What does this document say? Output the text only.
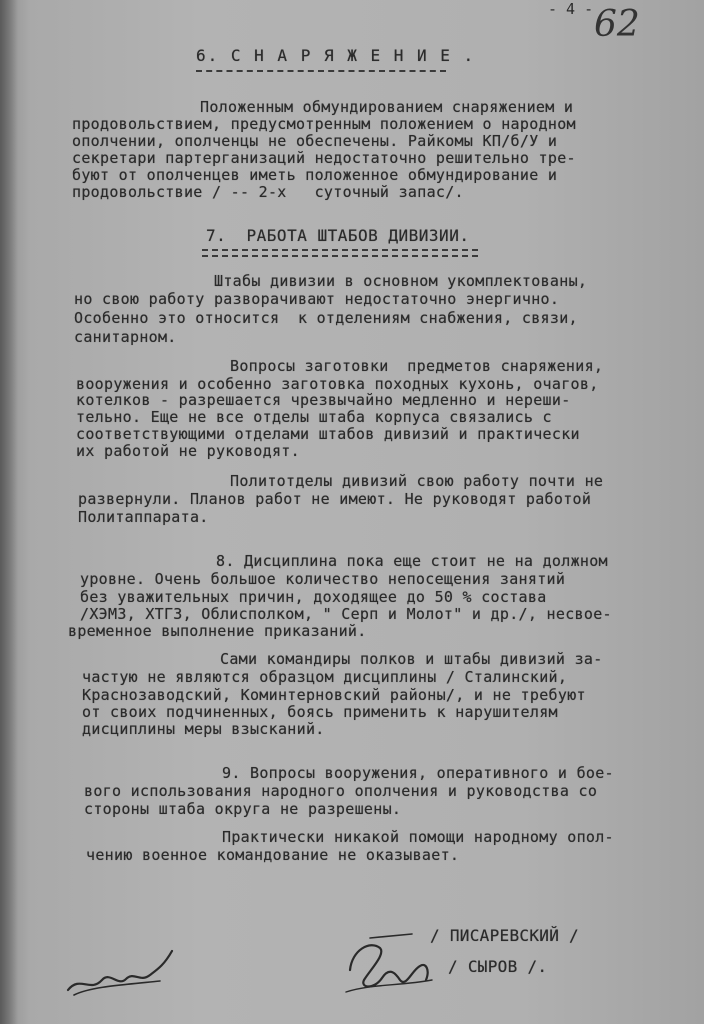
- 4 - 62
6. С Н А Р Я Ж Е Н И Е .
Положенным обмундированием снаряжением и
продовольствием, предусмотренным положением о народном
ополчении, ополченцы не обеспечены. Райкомы КП/б/У и
секретари партерганизаций недостаточно решительно тре-
буют от ополченцев иметь положенное обмундирование и
продовольствие / -- 2-х   суточный запас/.
7.  РАБОТА ШТАБОВ ДИВИЗИИ.
Штабы дивизии в основном укомплектованы,
но свою работу разворачивают недостаточно энергично.
Особенно это относится  к отделениям снабжения, связи,
санитарном.
Вопросы заготовки  предметов снаряжения,
вооружения и особенно заготовка походных кухонь, очагов,
котелков - разрешается чрезвычайно медленно и нереши-
тельно. Еще не все отделы штаба корпуса связались с
соответствующими отделами штабов дивизий и практически
их работой не руководят.
Политотделы дивизий свою работу почти не
развернули. Планов работ не имеют. Не руководят работой
Политаппарата.
8. Дисциплина пока еще стоит не на должном
уровне. Очень большое количество непосещения занятий
без уважительных причин, доходящее до 50 % состава
/ХЭМЗ, ХТГЗ, Облисполком, " Серп и Молот" и др./, несвое-
временное выполнение приказаний.
Сами командиры полков и штабы дивизий за-
частую не являются образцом дисциплины / Сталинский,
Краснозаводский, Коминтерновский районы/, и не требуют
от своих подчиненных, боясь применить к нарушителям
дисциплины меры взысканий.
9. Вопросы вооружения, оперативного и бое-
вого использования народного ополчения и руководства со
стороны штаба округа не разрешены.
Практически никакой помощи народному опол-
чению военное командование не оказывает.
/ ПИСАРЕВСКИЙ /
/ СЫРОВ /.
